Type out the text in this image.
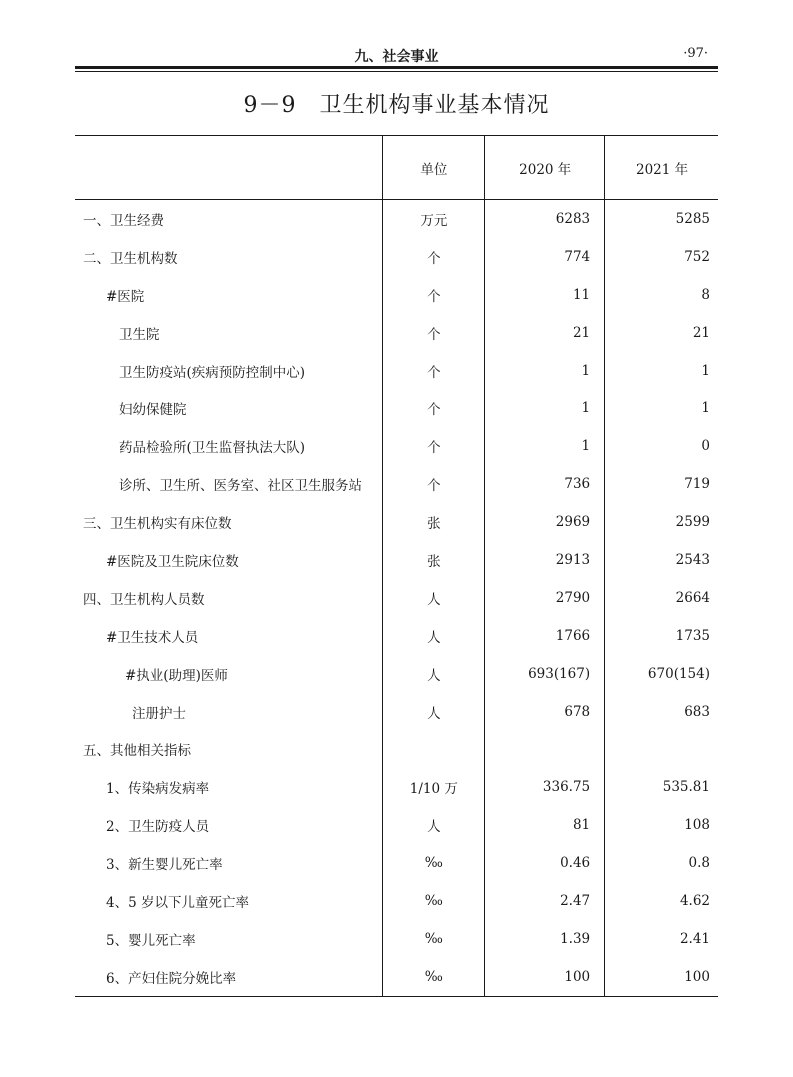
九、社会事业	·97·
9－9　卫生机构事业基本情况
	单位	2020 年	2021 年
一、卫生经费	万元	6283	5285
二、卫生机构数	个	774	752
#医院	个	11	8
卫生院	个	21	21
卫生防疫站(疾病预防控制中心)	个	1	1
妇幼保健院	个	1	1
药品检验所(卫生监督执法大队)	个	1	0
诊所、卫生所、医务室、社区卫生服务站	个	736	719
三、卫生机构实有床位数	张	2969	2599
#医院及卫生院床位数	张	2913	2543
四、卫生机构人员数	人	2790	2664
#卫生技术人员	人	1766	1735
#执业(助理)医师	人	693(167)	670(154)
注册护士	人	678	683
五、其他相关指标			
1、传染病发病率	1/10 万	336.75	535.81
2、卫生防疫人员	人	81	108
3、新生婴儿死亡率	‰	0.46	0.8
4、5 岁以下儿童死亡率	‰	2.47	4.62
5、婴儿死亡率	‰	1.39	2.41
6、产妇住院分娩比率	‰	100	100
